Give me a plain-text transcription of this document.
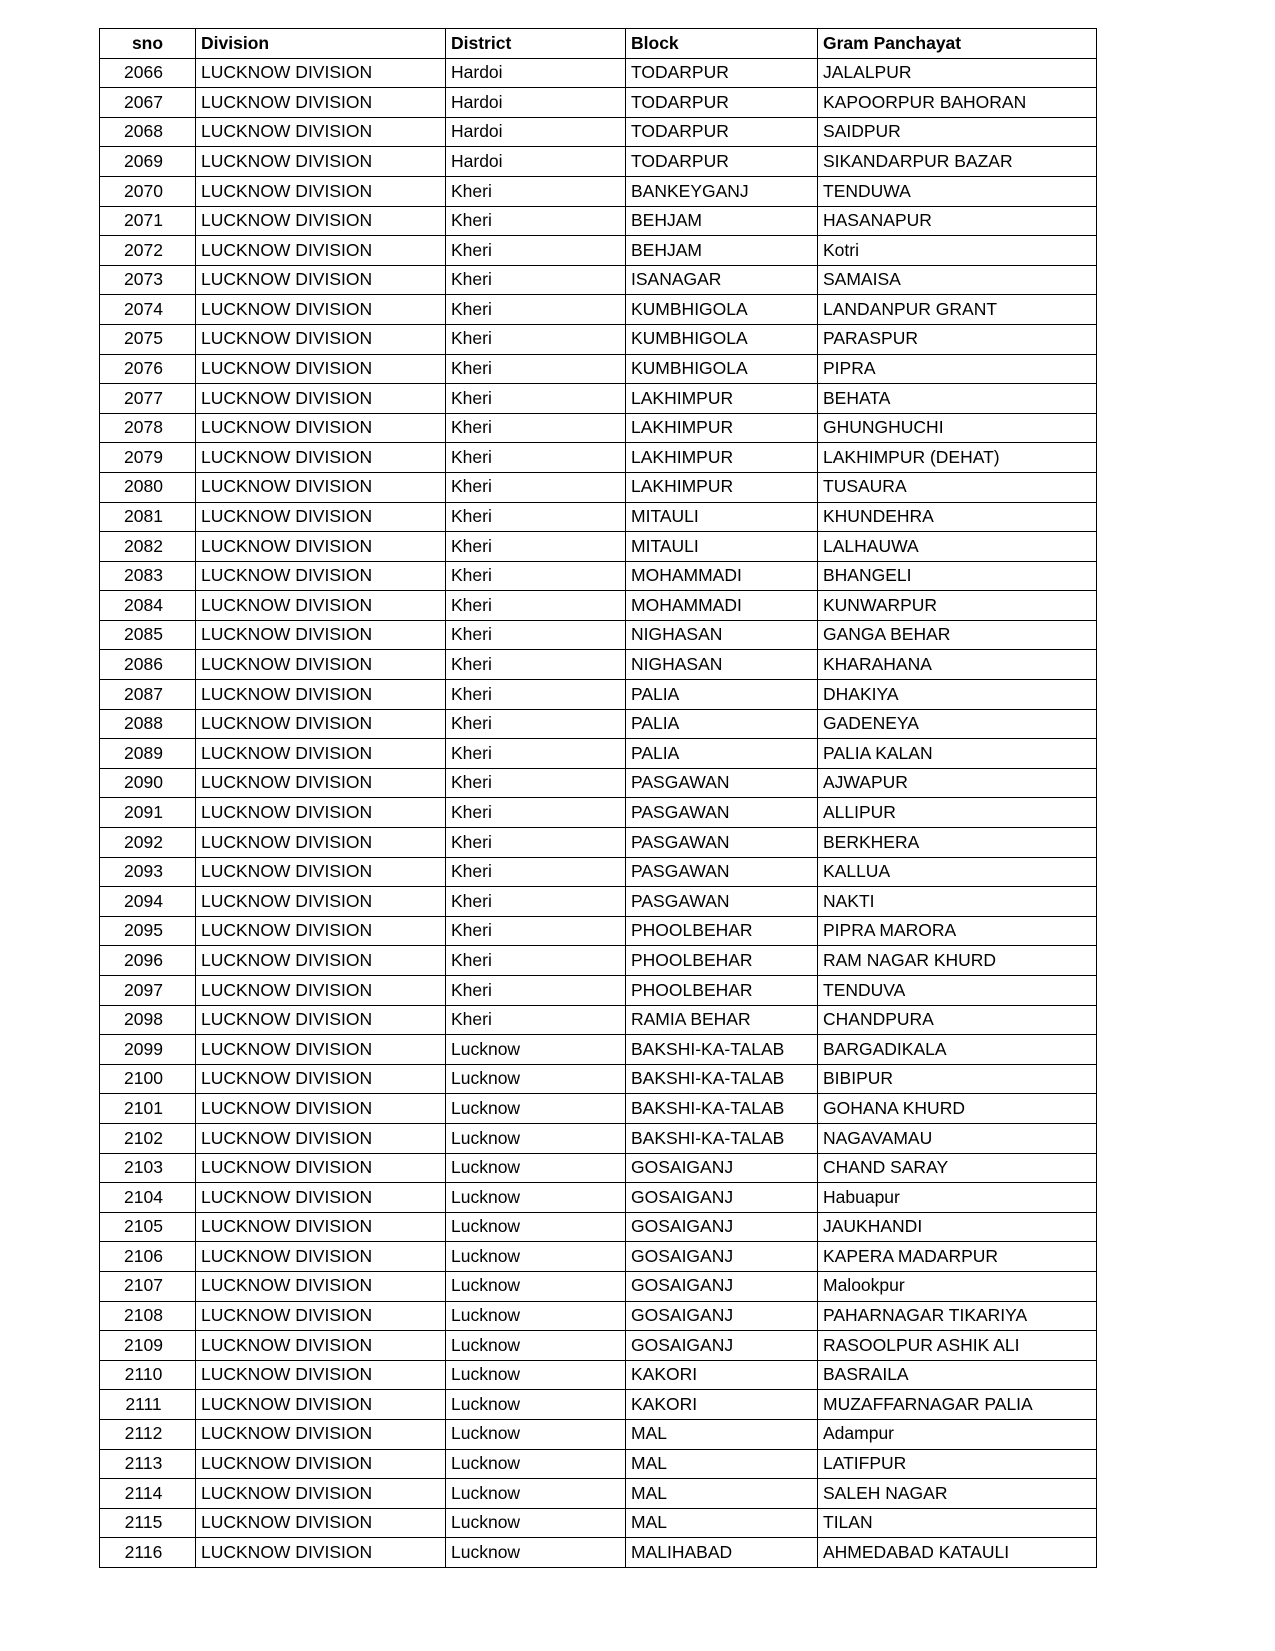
sno	Division	District	Block	Gram Panchayat
2066	LUCKNOW DIVISION	Hardoi	TODARPUR	JALALPUR
2067	LUCKNOW DIVISION	Hardoi	TODARPUR	KAPOORPUR BAHORAN
2068	LUCKNOW DIVISION	Hardoi	TODARPUR	SAIDPUR
2069	LUCKNOW DIVISION	Hardoi	TODARPUR	SIKANDARPUR BAZAR
2070	LUCKNOW DIVISION	Kheri	BANKEYGANJ	TENDUWA
2071	LUCKNOW DIVISION	Kheri	BEHJAM	HASANAPUR
2072	LUCKNOW DIVISION	Kheri	BEHJAM	Kotri
2073	LUCKNOW DIVISION	Kheri	ISANAGAR	SAMAISA
2074	LUCKNOW DIVISION	Kheri	KUMBHIGOLA	LANDANPUR GRANT
2075	LUCKNOW DIVISION	Kheri	KUMBHIGOLA	PARASPUR
2076	LUCKNOW DIVISION	Kheri	KUMBHIGOLA	PIPRA
2077	LUCKNOW DIVISION	Kheri	LAKHIMPUR	BEHATA
2078	LUCKNOW DIVISION	Kheri	LAKHIMPUR	GHUNGHUCHI
2079	LUCKNOW DIVISION	Kheri	LAKHIMPUR	LAKHIMPUR (DEHAT)
2080	LUCKNOW DIVISION	Kheri	LAKHIMPUR	TUSAURA
2081	LUCKNOW DIVISION	Kheri	MITAULI	KHUNDEHRA
2082	LUCKNOW DIVISION	Kheri	MITAULI	LALHAUWA
2083	LUCKNOW DIVISION	Kheri	MOHAMMADI	BHANGELI
2084	LUCKNOW DIVISION	Kheri	MOHAMMADI	KUNWARPUR
2085	LUCKNOW DIVISION	Kheri	NIGHASAN	GANGA BEHAR
2086	LUCKNOW DIVISION	Kheri	NIGHASAN	KHARAHANA
2087	LUCKNOW DIVISION	Kheri	PALIA	DHAKIYA
2088	LUCKNOW DIVISION	Kheri	PALIA	GADENEYA
2089	LUCKNOW DIVISION	Kheri	PALIA	PALIA KALAN
2090	LUCKNOW DIVISION	Kheri	PASGAWAN	AJWAPUR
2091	LUCKNOW DIVISION	Kheri	PASGAWAN	ALLIPUR
2092	LUCKNOW DIVISION	Kheri	PASGAWAN	BERKHERA
2093	LUCKNOW DIVISION	Kheri	PASGAWAN	KALLUA
2094	LUCKNOW DIVISION	Kheri	PASGAWAN	NAKTI
2095	LUCKNOW DIVISION	Kheri	PHOOLBEHAR	PIPRA MARORA
2096	LUCKNOW DIVISION	Kheri	PHOOLBEHAR	RAM NAGAR KHURD
2097	LUCKNOW DIVISION	Kheri	PHOOLBEHAR	TENDUVA
2098	LUCKNOW DIVISION	Kheri	RAMIA BEHAR	CHANDPURA
2099	LUCKNOW DIVISION	Lucknow	BAKSHI-KA-TALAB	BARGADIKALA
2100	LUCKNOW DIVISION	Lucknow	BAKSHI-KA-TALAB	BIBIPUR
2101	LUCKNOW DIVISION	Lucknow	BAKSHI-KA-TALAB	GOHANA KHURD
2102	LUCKNOW DIVISION	Lucknow	BAKSHI-KA-TALAB	NAGAVAMAU
2103	LUCKNOW DIVISION	Lucknow	GOSAIGANJ	CHAND SARAY
2104	LUCKNOW DIVISION	Lucknow	GOSAIGANJ	Habuapur
2105	LUCKNOW DIVISION	Lucknow	GOSAIGANJ	JAUKHANDI
2106	LUCKNOW DIVISION	Lucknow	GOSAIGANJ	KAPERA MADARPUR
2107	LUCKNOW DIVISION	Lucknow	GOSAIGANJ	Malookpur
2108	LUCKNOW DIVISION	Lucknow	GOSAIGANJ	PAHARNAGAR TIKARIYA
2109	LUCKNOW DIVISION	Lucknow	GOSAIGANJ	RASOOLPUR ASHIK ALI
2110	LUCKNOW DIVISION	Lucknow	KAKORI	BASRAILA
2111	LUCKNOW DIVISION	Lucknow	KAKORI	MUZAFFARNAGAR PALIA
2112	LUCKNOW DIVISION	Lucknow	MAL	Adampur
2113	LUCKNOW DIVISION	Lucknow	MAL	LATIFPUR
2114	LUCKNOW DIVISION	Lucknow	MAL	SALEH NAGAR
2115	LUCKNOW DIVISION	Lucknow	MAL	TILAN
2116	LUCKNOW DIVISION	Lucknow	MALIHABAD	AHMEDABAD KATAULI
